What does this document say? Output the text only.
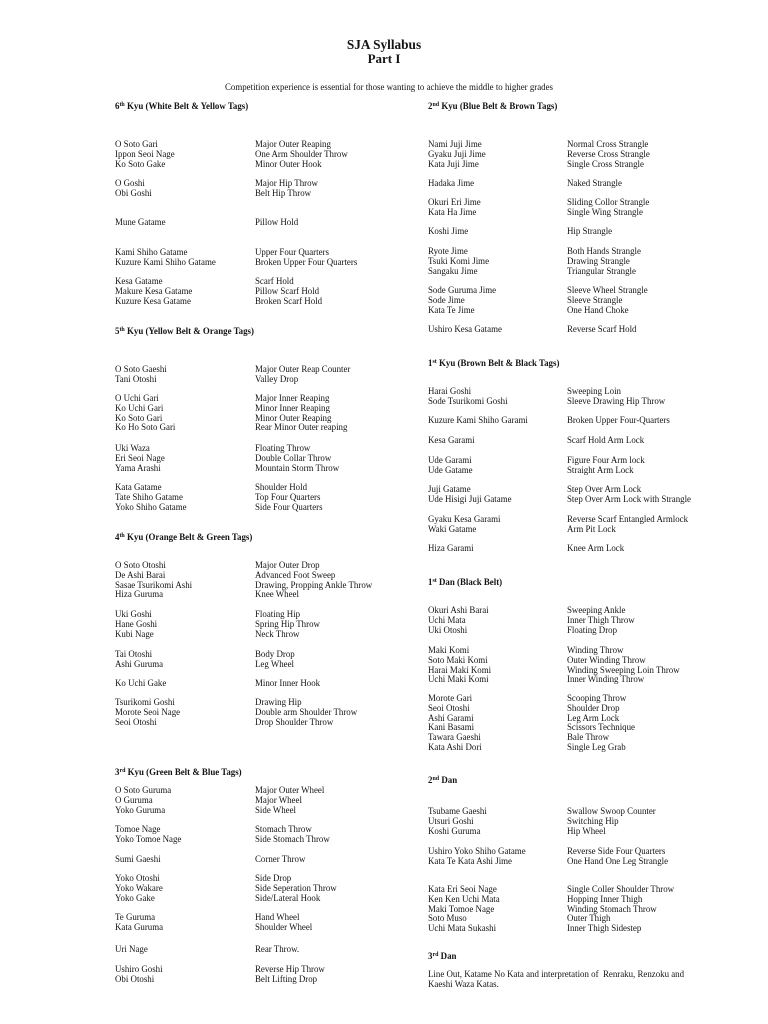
SJA Syllabus
Part I
Competition experience is essential for those wanting to achieve the middle to higher grades
6th Kyu (White Belt & Yellow Tags)
O Soto Gari	Major Outer Reaping
Ippon Seoi Nage	One Arm Shoulder Throw
Ko Soto Gake	Minor Outer Hook
O Goshi	Major Hip Throw
Obi Goshi	Belt Hip Throw
Mune Gatame	Pillow Hold
Kami Shiho Gatame	Upper Four Quarters
Kuzure Kami Shiho Gatame	Broken Upper Four Quarters
Kesa Gatame	Scarf Hold
Makure Kesa Gatame	Pillow Scarf Hold
Kuzure Kesa Gatame	Broken Scarf Hold
5th Kyu (Yellow Belt & Orange Tags)
O Soto Gaeshi	Major Outer Reap Counter
Tani Otoshi	Valley Drop
O Uchi Gari	Major Inner Reaping
Ko Uchi Gari	Minor Inner Reaping
Ko Soto Gari	Minor Outer Reaping
Ko Ho Soto Gari	Rear Minor Outer reaping
Uki Waza	Floating Throw
Eri Seoi Nage	Double Collar Throw
Yama Arashi	Mountain Storm Throw
Kata Gatame	Shoulder Hold
Tate Shiho Gatame	Top Four Quarters
Yoko Shiho Gatame	Side Four Quarters
4th Kyu (Orange Belt & Green Tags)
O Soto Otoshi	Major Outer Drop
De Ashi Barai	Advanced Foot Sweep
Sasae Tsurikomi Ashi	Drawing, Propping Ankle Throw
Hiza Guruma	Knee Wheel
Uki Goshi	Floating Hip
Hane Goshi	Spring Hip Throw
Kubi Nage	Neck Throw
Tai Otoshi	Body Drop
Ashi Guruma	Leg Wheel
Ko Uchi Gake	Minor Inner Hook
Tsurikomi Goshi	Drawing Hip
Morote Seoi Nage	Double arm Shoulder Throw
Seoi Otoshi	Drop Shoulder Throw
3rd Kyu (Green Belt & Blue Tags)
O Soto Guruma	Major Outer Wheel
O Guruma	Major Wheel
Yoko Guruma	Side Wheel
Tomoe Nage	Stomach Throw
Yoko Tomoe Nage	Side Stomach Throw
Sumi Gaeshi	Corner Throw
Yoko Otoshi	Side Drop
Yoko Wakare	Side Seperation Throw
Yoko Gake	Side/Lateral Hook
Te Guruma	Hand Wheel
Kata Guruma	Shoulder Wheel
Uri Nage	Rear Throw.
Ushiro Goshi	Reverse Hip Throw
Obi Otoshi	Belt Lifting Drop
2nd Kyu (Blue Belt & Brown Tags)
Nami Juji Jime	Normal Cross Strangle
Gyaku Juji Jime	Reverse Cross Strangle
Kata Juji Jime	Single Cross Strangle
Hadaka Jime	Naked Strangle
Okuri Eri Jime	Sliding Collor Strangle
Kata Ha Jime	Single Wing Strangle
Koshi Jime	Hip Strangle
Ryote Jime	Both Hands Strangle
Tsuki Komi Jime	Drawing Strangle
Sangaku Jime	Triangular Strangle
Sode Guruma Jime	Sleeve Wheel Strangle
Sode Jime	Sleeve Strangle
Kata Te Jime	One Hand Choke
Ushiro Kesa Gatame	Reverse Scarf Hold
1st Kyu (Brown Belt & Black Tags)
Harai Goshi	Sweeping Loin
Sode Tsurikomi Goshi	Sleeve Drawing Hip Throw
Kuzure Kami Shiho Garami	Broken Upper Four-Quarters
Kesa Garami	Scarf Hold Arm Lock
Ude Garami	Figure Four Arm lock
Ude Gatame	Straight Arm Lock
Juji Gatame	Step Over Arm Lock
Ude Hisigi Juji Gatame	Step Over Arm Lock with Strangle
Gyaku Kesa Garami	Reverse Scarf Entangled Armlock
Waki Gatame	Arm Pit Lock
Hiza Garami	Knee Arm Lock
1st Dan (Black Belt)
Okuri Ashi Barai	Sweeping Ankle
Uchi Mata	Inner Thigh Throw
Uki Otoshi	Floating Drop
Maki Komi	Winding Throw
Soto Maki Komi	Outer Winding Throw
Harai Maki Komi	Winding Sweeping Loin Throw
Uchi Maki Komi	Inner Winding Throw
Morote Gari	Scooping Throw
Seoi Otoshi	Shoulder Drop
Ashi Garami	Leg Arm Lock
Kani Basami	Scissors Technique
Tawara Gaeshi	Bale Throw
Kata Ashi Dori	Single Leg Grab
2nd Dan
Tsubame Gaeshi	Swallow Swoop Counter
Utsuri Goshi	Switching Hip
Koshi Guruma	Hip Wheel
Ushiro Yoko Shiho Gatame	Reverse Side Four Quarters
Kata Te Kata Ashi Jime	One Hand One Leg Strangle
Kata Eri Seoi Nage	Single Coller Shoulder Throw
Ken Ken Uchi Mata	Hopping Inner Thigh
Maki Tomoe Nage	Winding Stomach Throw
Soto Muso	Outer Thigh
Uchi Mata Sukashi	Inner Thigh Sidestep
3rd Dan
Line Out, Katame No Kata and interpretation of  Renraku, Renzoku and Kaeshi Waza Katas.
